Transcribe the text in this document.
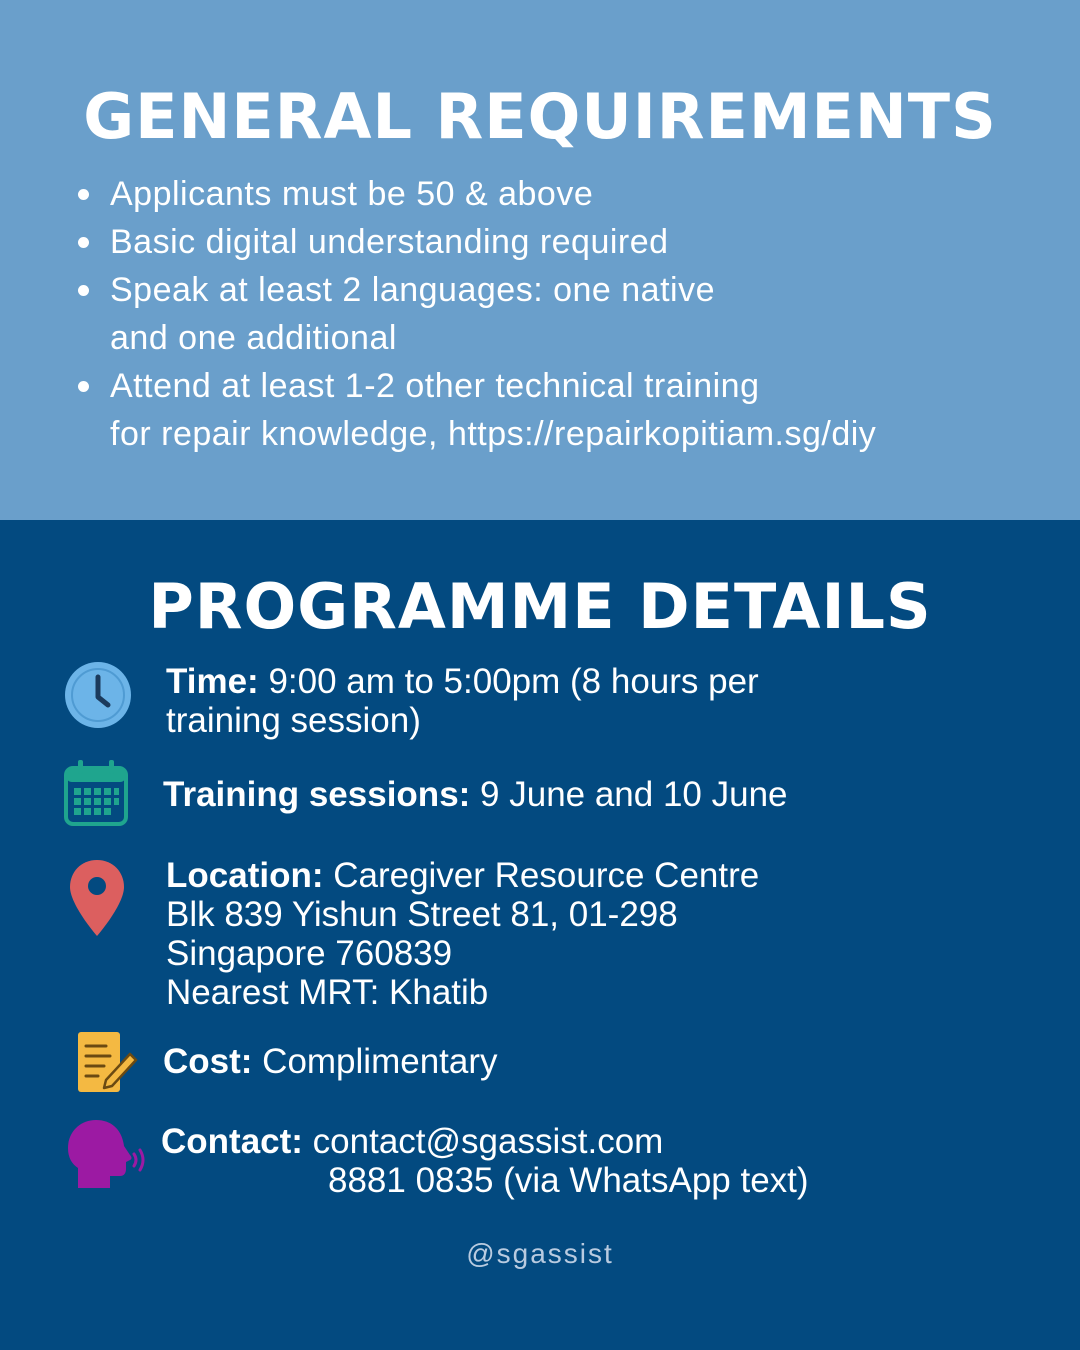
GENERAL REQUIREMENTS
Applicants must be 50 & above
Basic digital understanding required
Speak at least 2 languages: one native
and one additional
Attend at least 1-2 other technical training
for repair knowledge, https://repairkopitiam.sg/diy
PROGRAMME DETAILS
Time: 9:00 am to 5:00pm (8 hours per
training session)
Training sessions: 9 June and 10 June
Location: Caregiver Resource Centre
Blk 839 Yishun Street 81, 01-298
Singapore 760839
Nearest MRT: Khatib
Cost: Complimentary
Contact: contact@sgassist.com
8881 0835 (via WhatsApp text)
@sgassist
